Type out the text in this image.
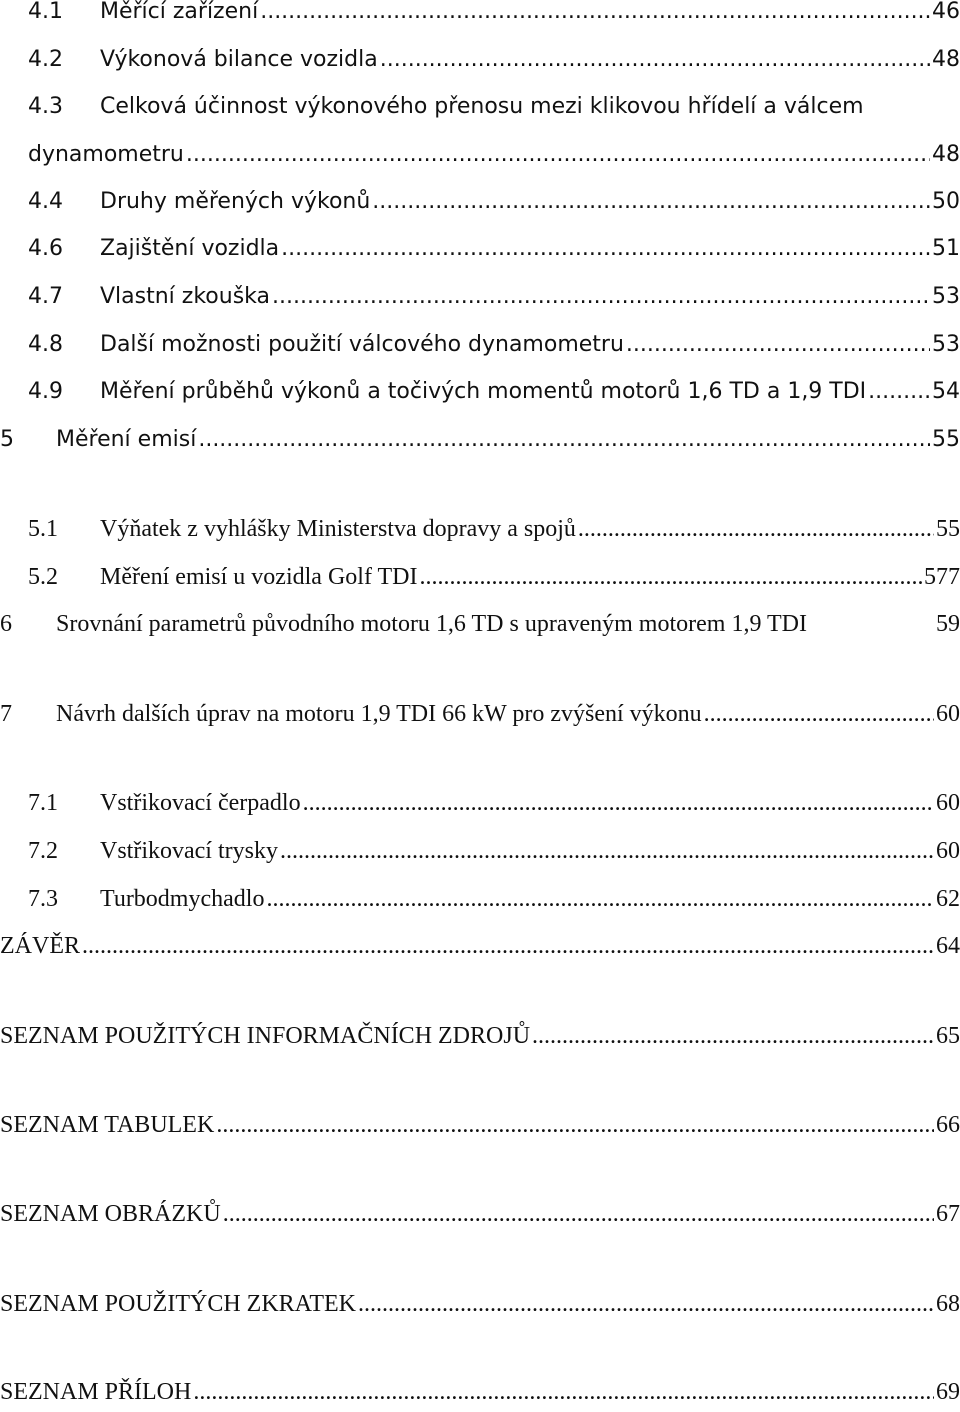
4.1	Měřící zařízení .....	46
4.2	Výkonová bilance vozidla .....	48
4.3	Celková účinnost výkonového přenosu mezi klikovou hřídelí a válcem
dynamometru .....	48
4.4	Druhy měřených výkonů .....	50
4.6	Zajištění vozidla .....	51
4.7	Vlastní zkouška .....	53
4.8	Další možnosti použití válcového dynamometru .....	53
4.9	Měření průběhů výkonů a točivých momentů motorů 1,6 TD a 1,9 TDI .....	54
5	Měření emisí .....	55
5.1	Výňatek z vyhlášky Ministerstva dopravy a spojů .....	55
5.2	Měření emisí u vozidla Golf TDI .....	577
6	Srovnání parametrů původního motoru 1,6 TD s upraveným motorem 1,9 TDI	59
7	Návrh dalších úprav na motoru 1,9 TDI 66 kW pro zvýšení výkonu .....	60
7.1	Vstřikovací čerpadlo .....	60
7.2	Vstřikovací trysky .....	60
7.3	Turbodmychadlo .....	62
ZÁVĚR .....	64
SEZNAM POUŽITÝCH INFORMAČNÍCH ZDROJŮ .....	65
SEZNAM TABULEK .....	66
SEZNAM OBRÁZKŮ .....	67
SEZNAM POUŽITÝCH ZKRATEK .....	68
SEZNAM PŘÍLOH .....	69
